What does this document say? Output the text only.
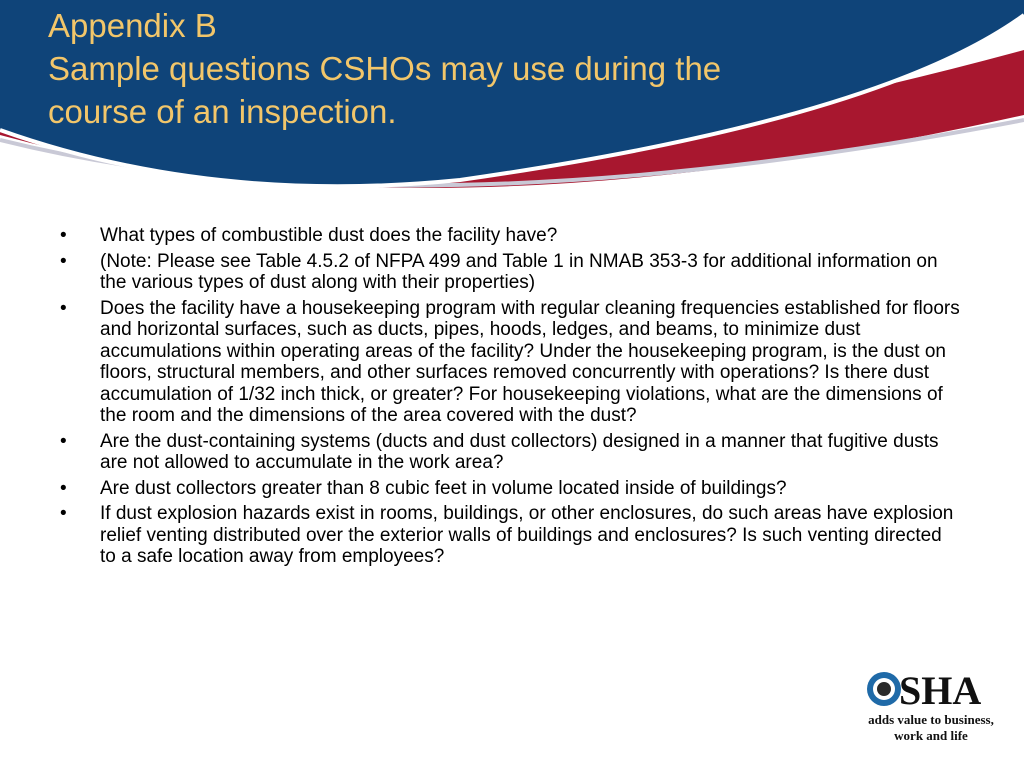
Appendix B
Sample questions CSHOs may use during the
course of an inspection.
• What types of combustible dust does the facility have?
• (Note: Please see Table 4.5.2 of NFPA 499 and Table 1 in NMAB 353-3 for additional information on the various types of dust along with their properties)
• Does the facility have a housekeeping program with regular cleaning frequencies established for floors and horizontal surfaces, such as ducts, pipes, hoods, ledges, and beams, to minimize dust accumulations within operating areas of the facility? Under the housekeeping program, is the dust on floors, structural members, and other surfaces removed concurrently with operations? Is there dust accumulation of 1/32 inch thick, or greater? For housekeeping violations, what are the dimensions of the room and the dimensions of the area covered with the dust?
• Are the dust-containing systems (ducts and dust collectors) designed in a manner that fugitive dusts are not allowed to accumulate in the work area?
• Are dust collectors greater than 8 cubic feet in volume located inside of buildings?
• If dust explosion hazards exist in rooms, buildings, or other enclosures, do such areas have explosion relief venting distributed over the exterior walls of buildings and enclosures? Is such venting directed to a safe location away from employees?
SHA
adds value to business,
work and life
